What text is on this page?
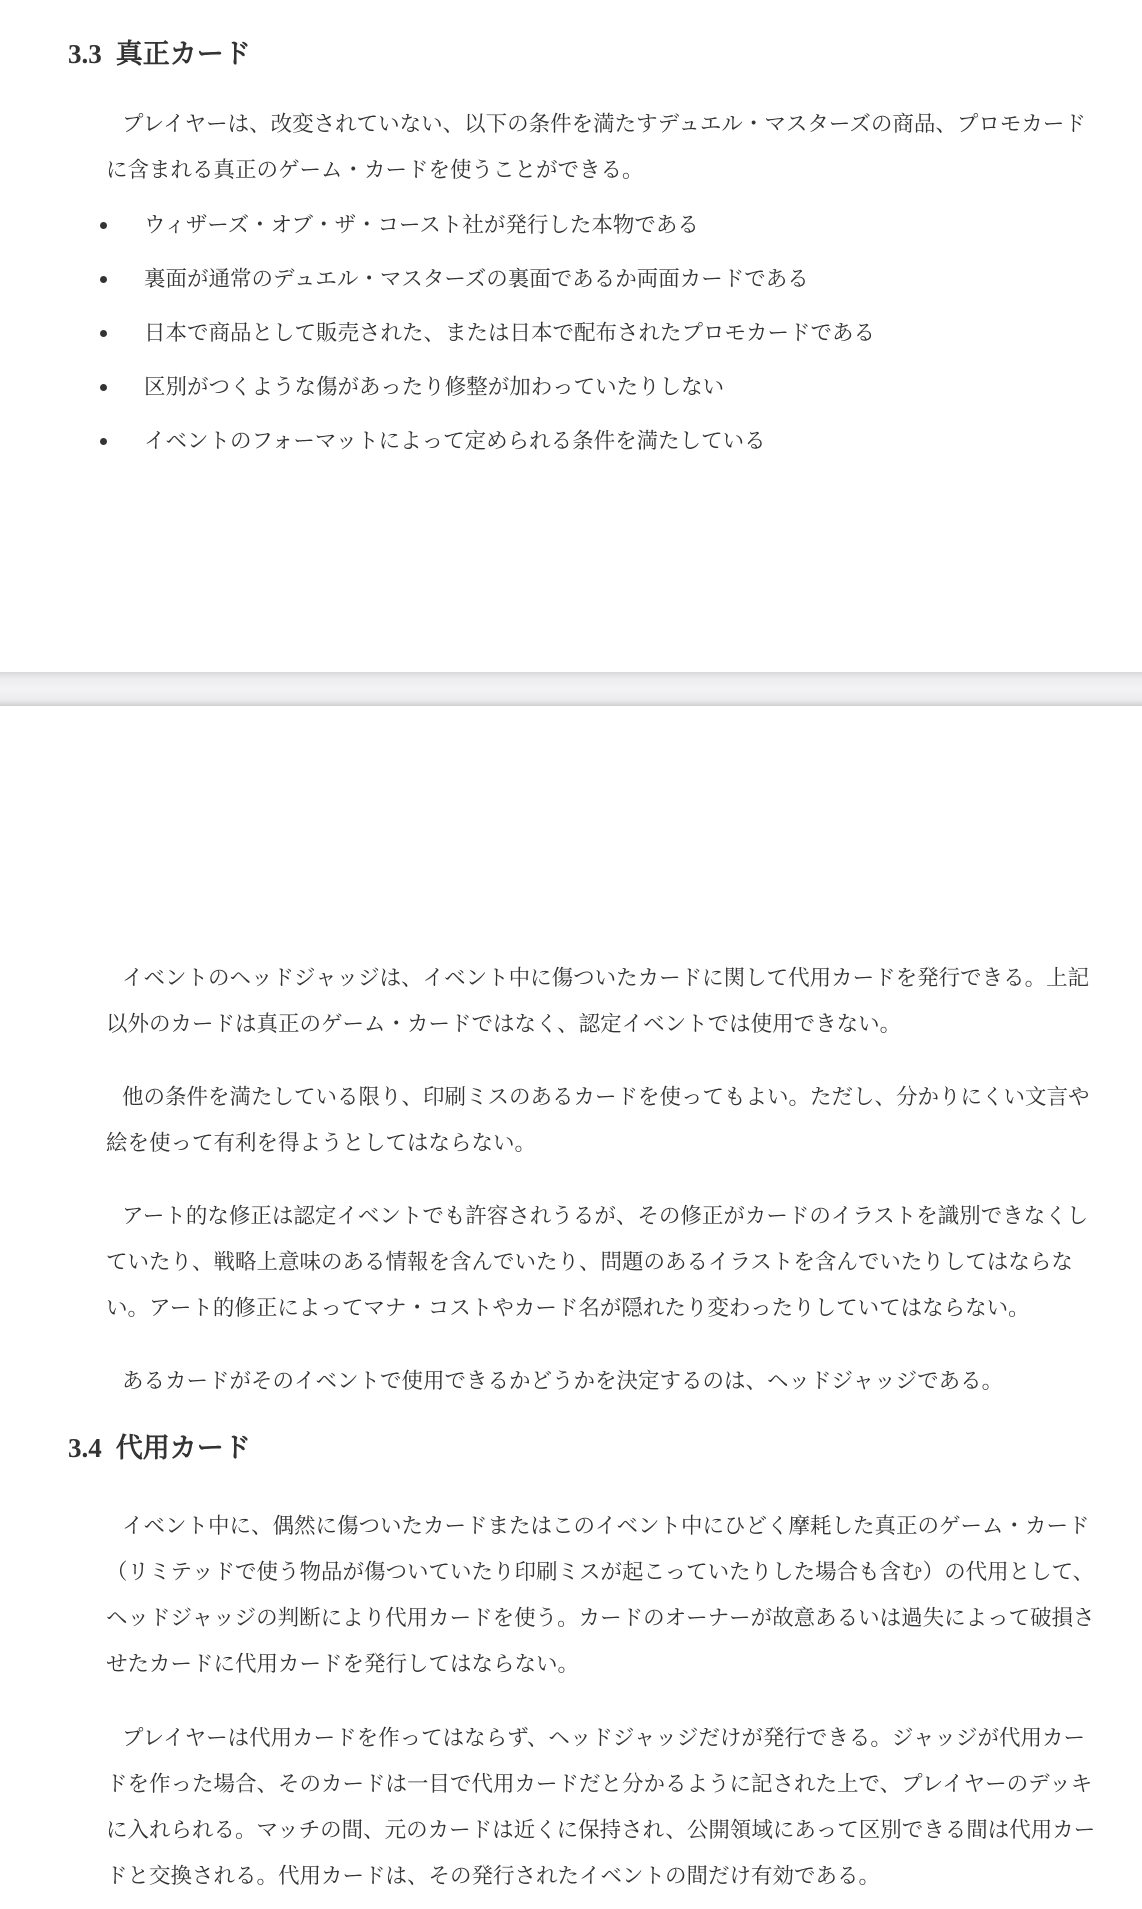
3.3 真正カード

プレイヤーは、改変されていない、以下の条件を満たすデュエル・マスターズの商品、プロモカードに含まれる真正のゲーム・カードを使うことができる。

ウィザーズ・オブ・ザ・コースト社が発行した本物である
裏面が通常のデュエル・マスターズの裏面であるか両面カードである
日本で商品として販売された、または日本で配布されたプロモカードである
区別がつくような傷があったり修整が加わっていたりしない
イベントのフォーマットによって定められる条件を満たしている

イベントのヘッドジャッジは、イベント中に傷ついたカードに関して代用カードを発行できる。上記以外のカードは真正のゲーム・カードではなく、認定イベントでは使用できない。

他の条件を満たしている限り、印刷ミスのあるカードを使ってもよい。ただし、分かりにくい文言や絵を使って有利を得ようとしてはならない。

アート的な修正は認定イベントでも許容されうるが、その修正がカードのイラストを識別できなくしていたり、戦略上意味のある情報を含んでいたり、問題のあるイラストを含んでいたりしてはならない。アート的修正によってマナ・コストやカード名が隠れたり変わったりしていてはならない。

あるカードがそのイベントで使用できるかどうかを決定するのは、ヘッドジャッジである。

3.4 代用カード

イベント中に、偶然に傷ついたカードまたはこのイベント中にひどく摩耗した真正のゲーム・カード（リミテッドで使う物品が傷ついていたり印刷ミスが起こっていたりした場合も含む）の代用として、ヘッドジャッジの判断により代用カードを使う。カードのオーナーが故意あるいは過失によって破損させたカードに代用カードを発行してはならない。

プレイヤーは代用カードを作ってはならず、ヘッドジャッジだけが発行できる。ジャッジが代用カードを作った場合、そのカードは一目で代用カードだと分かるように記された上で、プレイヤーのデッキに入れられる。マッチの間、元のカードは近くに保持され、公開領域にあって区別できる間は代用カードと交換される。代用カードは、その発行されたイベントの間だけ有効である。
